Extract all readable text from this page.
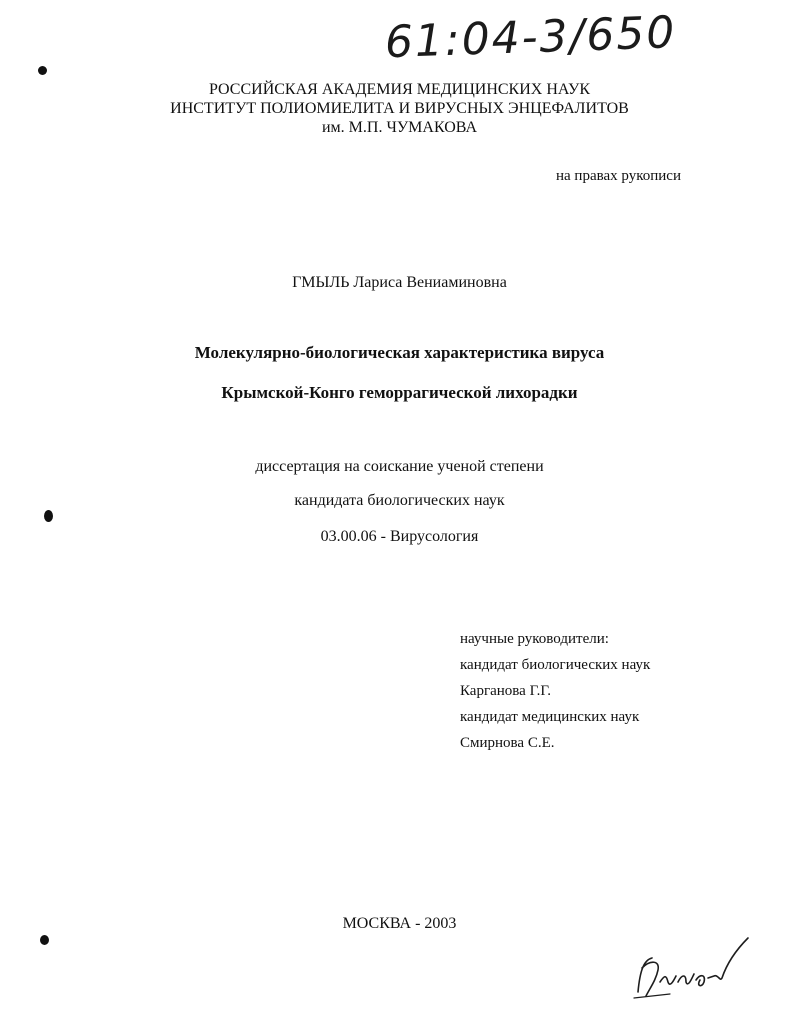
61:04-3/650
РОССИЙСКАЯ АКАДЕМИЯ МЕДИЦИНСКИХ НАУК
ИНСТИТУТ ПОЛИОМИЕЛИТА И ВИРУСНЫХ ЭНЦЕФАЛИТОВ
им. М.П. ЧУМАКОВА
на правах рукописи
ГМЫЛЬ Лариса Вениаминовна
Молекулярно-биологическая характеристика вируса
Крымской-Конго геморрагической лихорадки
диссертация на соискание ученой степени
кандидата биологических наук
03.00.06 - Вирусология
научные руководители:
кандидат биологических наук
Карганова Г.Г.
кандидат медицинских наук
Смирнова С.Е.
МОСКВА - 2003
